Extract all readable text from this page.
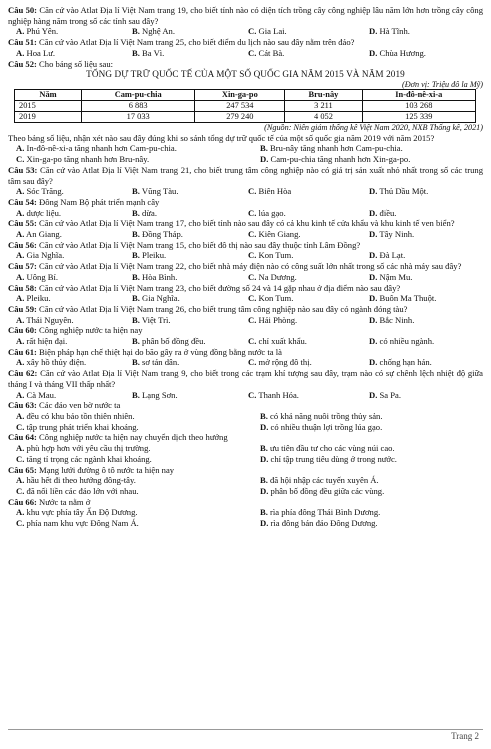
Câu 50: Căn cứ vào Atlat Địa lí Việt Nam trang 19, cho biết tỉnh nào có diện tích trồng cây công nghiệp lâu năm lớn hơn trồng cây công nghiệp hàng năm trong số các tỉnh sau đây?
A. Phú Yên.	B. Nghệ An.	C. Gia Lai.	D. Hà Tĩnh.
Câu 51: Căn cứ vào Atlat Địa lí Việt Nam trang 25, cho biết điểm du lịch nào sau đây nằm trên đảo?
A. Hoa Lư.	B. Ba Vì.	C. Cát Bà.	D. Chùa Hương.
Câu 52: Cho bảng số liệu sau:
TỔNG DỰ TRỮ QUỐC TẾ CỦA MỘT SỐ QUỐC GIA NĂM 2015 VÀ NĂM 2019
(Đơn vị: Triệu đô la Mỹ)
Năm	Cam-pu-chia	Xin-ga-po	Bru-nây	In-đô-nê-xi-a
2015	6 883	247 534	3 211	103 268
2019	17 033	279 240	4 052	125 339
(Nguồn: Niên giám thống kê Việt Nam 2020, NXB Thống kê, 2021)
Theo bảng số liệu, nhận xét nào sau đây đúng khi so sánh tổng dự trữ quốc tế của một số quốc gia năm 2019 với năm 2015?
A. In-đô-nê-xi-a tăng nhanh hơn Cam-pu-chia.	B. Bru-nây tăng nhanh hơn Cam-pu-chia.
C. Xin-ga-po tăng nhanh hơn Bru-nây.	D. Cam-pu-chia tăng nhanh hơn Xin-ga-po.
Câu 53: Căn cứ vào Atlat Địa lí Việt Nam trang 21, cho biết trung tâm công nghiệp nào có giá trị sản xuất nhỏ nhất trong số các trung tâm sau đây?
A. Sóc Trăng.	B. Vũng Tàu.	C. Biên Hòa	D. Thủ Dầu Một.
Câu 54: Đông Nam Bộ phát triển mạnh cây
A. dược liệu.	B. dừa.	C. lúa gạo.	D. điều.
Câu 55: Căn cứ vào Atlat Địa lí Việt Nam trang 17, cho biết tỉnh nào sau đây có cả khu kinh tế cửa khẩu và khu kinh tế ven biển?
A. An Giang.	B. Đồng Tháp.	C. Kiên Giang.	D. Tây Ninh.
Câu 56: Căn cứ vào Atlat Địa lí Việt Nam trang 15, cho biết đô thị nào sau đây thuộc tỉnh Lâm Đồng?
A. Gia Nghĩa.	B. Pleiku.	C. Kon Tum.	D. Đà Lạt.
Câu 57: Căn cứ vào Atlat Địa lí Việt Nam trang 22, cho biết nhà máy điện nào có công suất lớn nhất trong số các nhà máy sau đây?
A. Uông Bí.	B. Hòa Bình.	C. Na Dương.	D. Nậm Mu.
Câu 58: Căn cứ vào Atlat Địa lí Việt Nam trang 23, cho biết đường số 24 và 14 gặp nhau ở địa điểm nào sau đây?
A. Pleiku.	B. Gia Nghĩa.	C. Kon Tum.	D. Buôn Ma Thuột.
Câu 59: Căn cứ vào Atlat Địa lí Việt Nam trang 26, cho biết trung tâm công nghiệp nào sau đây có ngành đóng tàu?
A. Thái Nguyên.	B. Việt Trì.	C. Hải Phòng.	D. Bắc Ninh.
Câu 60: Công nghiệp nước ta hiện nay
A. rất hiện đại.	B. phân bố đồng đều.	C. chỉ xuất khẩu.	D. có nhiều ngành.
Câu 61: Biện pháp hạn chế thiệt hại do bão gây ra ở vùng đồng bằng nước ta là
A. xây hồ thủy điện.	B. sơ tán dân.	C. mở rộng đô thị.	D. chống hạn hán.
Câu 62: Căn cứ vào Atlat Địa lí Việt Nam trang 9, cho biết trong các trạm khí tượng sau đây, trạm nào có sự chênh lệch nhiệt độ giữa tháng I và tháng VII thấp nhất?
A. Cà Mau.	B. Lạng Sơn.	C. Thanh Hóa.	D. Sa Pa.
Câu 63: Các đảo ven bờ nước ta
A. đều có khu bảo tồn thiên nhiên.	B. có khả năng nuôi trồng thủy sản.
C. tập trung phát triển khai khoáng.	D. có nhiều thuận lợi trồng lúa gạo.
Câu 64: Công nghiệp nước ta hiện nay chuyển dịch theo hướng
A. phù hợp hơn với yêu cầu thị trường.	B. ưu tiên đầu tư cho các vùng núi cao.
C. tăng tỉ trọng các ngành khai khoáng.	D. chỉ tập trung tiêu dùng ở trong nước.
Câu 65: Mạng lưới đường ô tô nước ta hiện nay
A. hầu hết đi theo hướng đông-tây.	B. đã hội nhập các tuyến xuyên Á.
C. đã nối liền các đảo lớn với nhau.	D. phân bố đồng đều giữa các vùng.
Câu 66: Nước ta nằm ở
A. khu vực phía tây Ấn Độ Dương.	B. rìa phía đông Thái Bình Dương.
C. phía nam khu vực Đông Nam Á.	D. rìa đông bán đảo Đông Dương.
Trang 2
